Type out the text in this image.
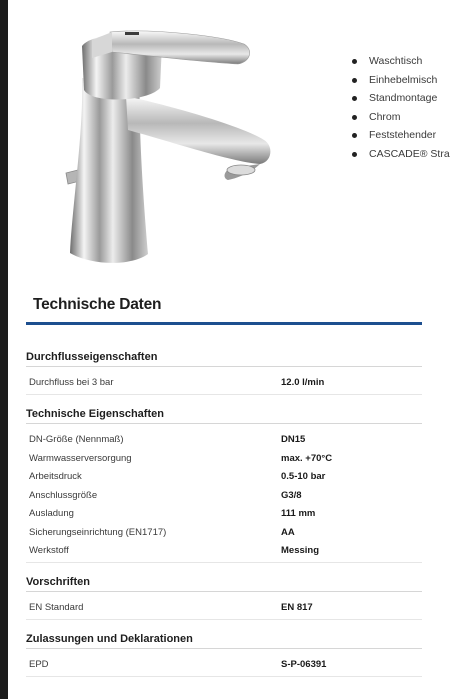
Waschtisch
Einhebelmisch
Standmontage
Chrom
Feststehender
CASCADE® Stra
Technische Daten
Durchflusseigenschaften
Durchfluss bei 3 bar	12.0 l/min
Technische Eigenschaften
DN-Größe (Nennmaß)	DN15
Warmwasserversorgung	max. +70°C
Arbeitsdruck	0.5-10 bar
Anschlussgröße	G3/8
Ausladung	111 mm
Sicherungseinrichtung (EN1717)	AA
Werkstoff	Messing
Vorschriften
EN Standard	EN 817
Zulassungen und Deklarationen
EPD	S-P-06391
